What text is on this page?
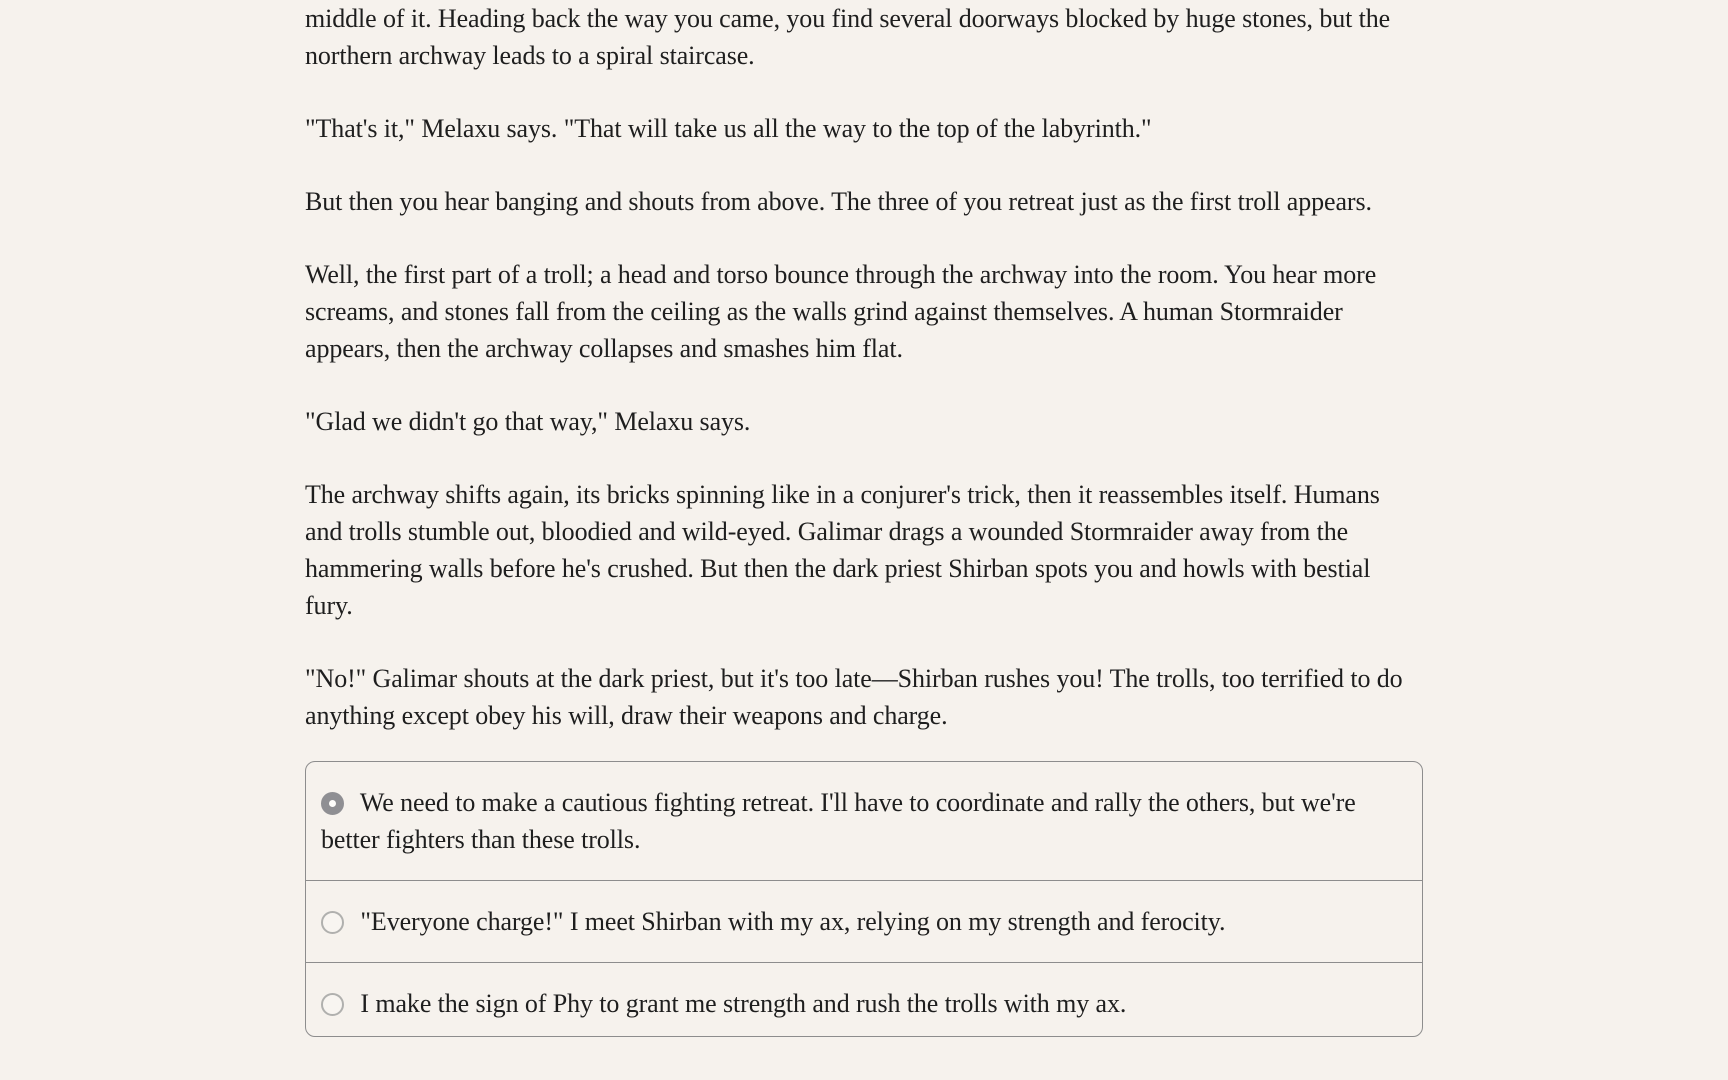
middle of it. Heading back the way you came, you find several doorways blocked by huge stones, but the northern archway leads to a spiral staircase.

"That's it," Melaxu says. "That will take us all the way to the top of the labyrinth."

But then you hear banging and shouts from above. The three of you retreat just as the first troll appears.

Well, the first part of a troll; a head and torso bounce through the archway into the room. You hear more screams, and stones fall from the ceiling as the walls grind against themselves. A human Stormraider appears, then the archway collapses and smashes him flat.

"Glad we didn't go that way," Melaxu says.

The archway shifts again, its bricks spinning like in a conjurer's trick, then it reassembles itself. Humans and trolls stumble out, bloodied and wild-eyed. Galimar drags a wounded Stormraider away from the hammering walls before he's crushed. But then the dark priest Shirban spots you and howls with bestial fury.

"No!" Galimar shouts at the dark priest, but it's too late—Shirban rushes you! The trolls, too terrified to do anything except obey his will, draw their weapons and charge.

We need to make a cautious fighting retreat. I'll have to coordinate and rally the others, but we're better fighters than these trolls.
"Everyone charge!" I meet Shirban with my ax, relying on my strength and ferocity.
I make the sign of Phy to grant me strength and rush the trolls with my ax.
